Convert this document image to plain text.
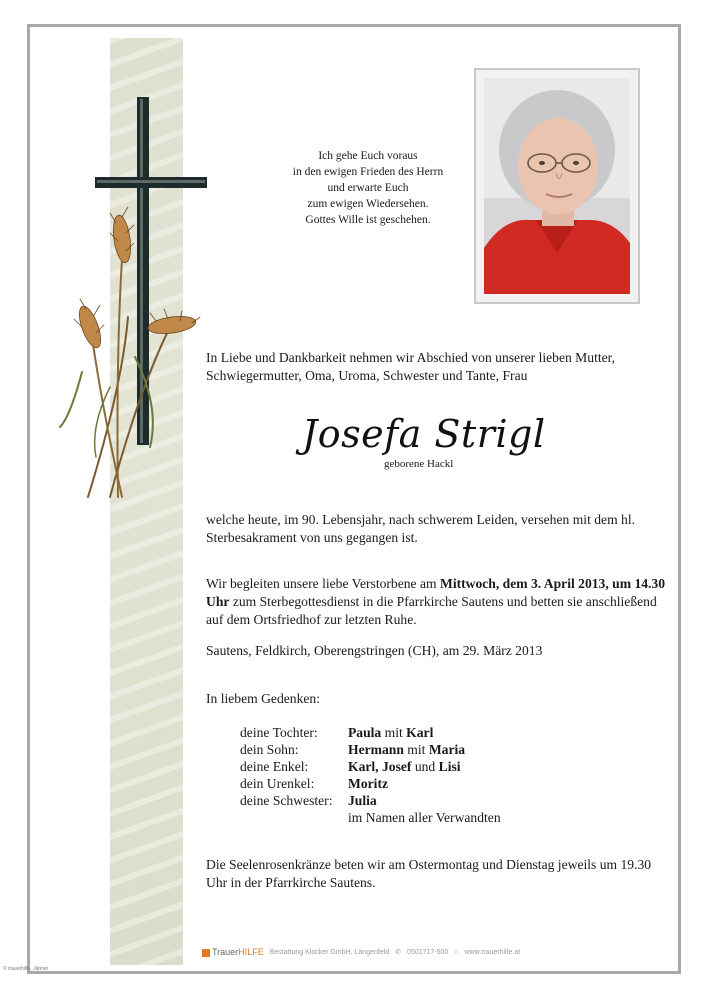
Ich gehe Euch voraus
in den ewigen Frieden des Herrn
und erwarte Euch
zum ewigen Wiedersehen.
Gottes Wille ist geschehen.
In Liebe und Dankbarkeit nehmen wir Abschied von unserer lieben Mutter, Schwiegermutter, Oma, Uroma, Schwester und Tante, Frau
Josefa Strigl
geborene Hackl
welche heute, im 90. Lebensjahr, nach schwerem Leiden, versehen mit dem hl. Sterbesakrament von uns gegangen ist.
Wir begleiten unsere liebe Verstorbene am Mittwoch, dem 3. April 2013, um 14.30 Uhr zum Sterbegottesdienst in die Pfarrkirche Sautens und betten sie anschließend auf dem Ortsfriedhof zur letzten Ruhe.
Sautens, Feldkirch, Oberengstringen (CH), am 29. März 2013
In liebem Gedenken:
deine Tochter:	Paula mit Karl
dein Sohn:	Hermann mit Maria
deine Enkel:	Karl, Josef und Lisi
dein Urenkel:	Moritz
deine Schwester:	Julia
im Namen aller Verwandten
Die Seelenrosenkränze beten wir am Ostermontag und Dienstag jeweils um 19.30 Uhr in der Pfarrkirche Sautens.
TrauerHILFE Bestattung Klocker GmbH, Längenfeld ✆ 0501717-500 ⌂ www.trauerhilfe.at
© trauerhilfe, Jänner
